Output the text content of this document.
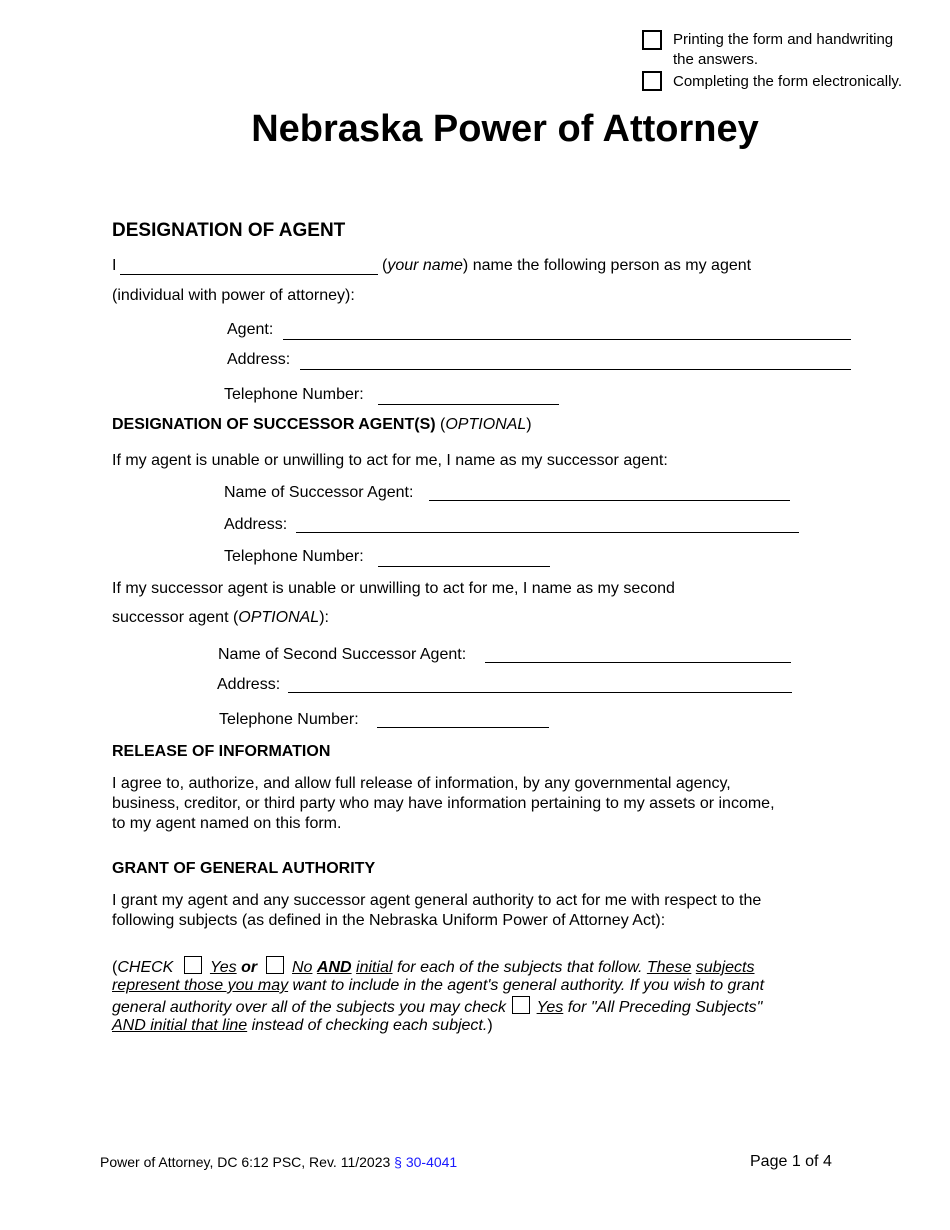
Printing the form and handwriting
the answers.
Completing the form electronically.
Nebraska Power of Attorney
DESIGNATION OF AGENT
I	(your name) name the following person as my agent
(individual with power of attorney):
Agent:
Address:
Telephone Number:
DESIGNATION OF SUCCESSOR AGENT(S) (OPTIONAL)
If my agent is unable or unwilling to act for me, I name as my successor agent:
Name of Successor Agent:
Address:
Telephone Number:
If my successor agent is unable or unwilling to act for me, I name as my second
successor agent (OPTIONAL):
Name of Second Successor Agent:
Address:
Telephone Number:
RELEASE OF INFORMATION
I agree to, authorize, and allow full release of information, by any governmental agency,
business, creditor, or third party who may have information pertaining to my assets or income,
to my agent named on this form.
GRANT OF GENERAL AUTHORITY
I grant my agent and any successor agent general authority to act for me with respect to the
following subjects (as defined in the Nebraska Uniform Power of Attorney Act):
(CHECK Yes or No AND initial for each of the subjects that follow. These subjects
represent those you may want to include in the agent's general authority. If you wish to grant
general authority over all of the subjects you may check Yes for "All Preceding Subjects"
AND initial that line instead of checking each subject.)
Power of Attorney, DC 6:12 PSC, Rev. 11/2023 § 30-4041	Page 1 of 4
